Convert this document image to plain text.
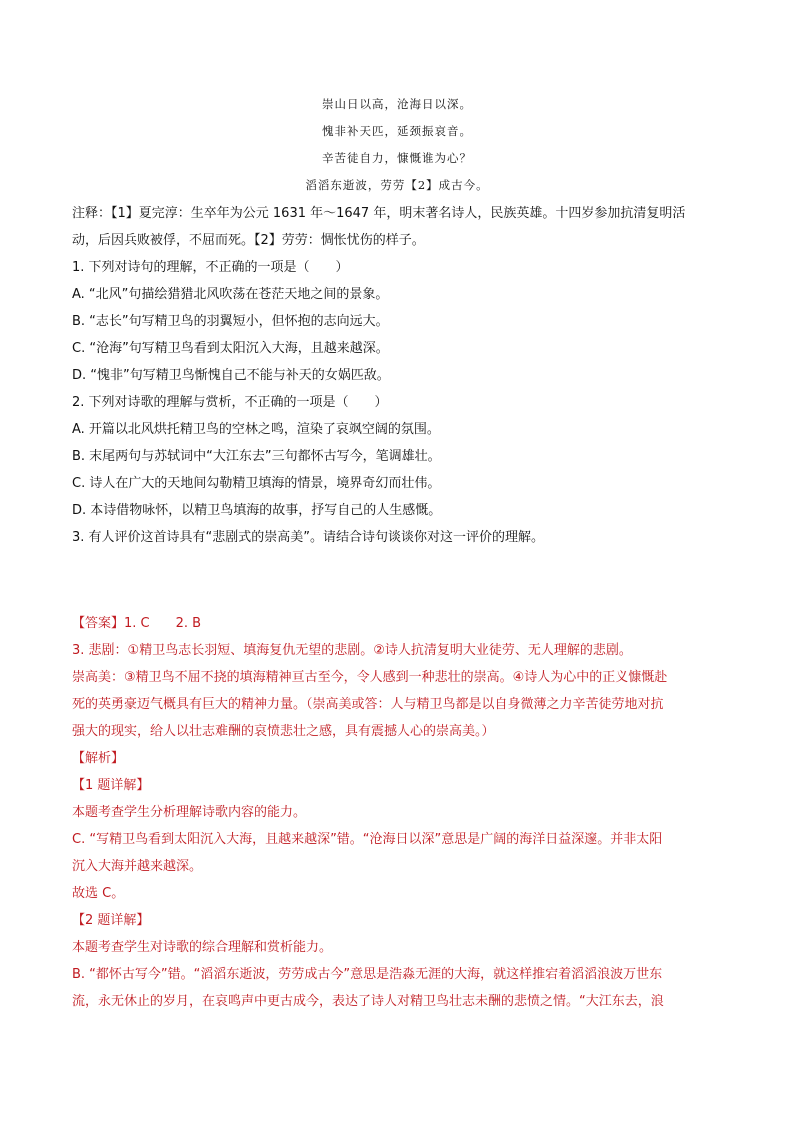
崇山日以高，沧海日以深。
愧非补天匹，延颈振哀音。
辛苦徒自力，慷慨谁为心？
滔滔东逝波，劳劳【2】成古今。
注释：【1】夏完淳：生卒年为公元 1631 年～1647 年，明末著名诗人，民族英雄。十四岁参加抗清复明活
动，后因兵败被俘，不屈而死。【2】劳劳：惆怅忧伤的样子。
1. 下列对诗句的理解，不正确的一项是（　　）
A. “北风”句描绘猎猎北风吹荡在苍茫天地之间的景象。
B. “志长”句写精卫鸟的羽翼短小，但怀抱的志向远大。
C. “沧海”句写精卫鸟看到太阳沉入大海，且越来越深。
D. “愧非”句写精卫鸟惭愧自己不能与补天的女娲匹敌。
2. 下列对诗歌的理解与赏析，不正确的一项是（　　）
A. 开篇以北风烘托精卫鸟的空林之鸣，渲染了哀飒空阔的氛围。
B. 末尾两句与苏轼词中“大江东去”三句都怀古写今，笔调雄壮。
C. 诗人在广大的天地间勾勒精卫填海的情景，境界奇幻而壮伟。
D. 本诗借物咏怀，以精卫鸟填海的故事，抒写自己的人生感慨。
3. 有人评价这首诗具有“悲剧式的崇高美”。请结合诗句谈谈你对这一评价的理解。
【答案】1. C 2. B
3. 悲剧：①精卫鸟志长羽短、填海复仇无望的悲剧。②诗人抗清复明大业徒劳、无人理解的悲剧。
崇高美：③精卫鸟不屈不挠的填海精神亘古至今，令人感到一种悲壮的崇高。④诗人为心中的正义慷慨赴
死的英勇豪迈气概具有巨大的精神力量。（崇高美或答：人与精卫鸟都是以自身微薄之力辛苦徒劳地对抗
强大的现实，给人以壮志难酬的哀愤悲壮之感，具有震撼人心的崇高美。）
【解析】
【1 题详解】
本题考查学生分析理解诗歌内容的能力。
C. “写精卫鸟看到太阳沉入大海，且越来越深”错。“沧海日以深”意思是广阔的海洋日益深邃。并非太阳
沉入大海并越来越深。
故选 C。
【2 题详解】
本题考查学生对诗歌的综合理解和赏析能力。
B. “都怀古写今”错。“滔滔东逝波，劳劳成古今”意思是浩淼无涯的大海，就这样推宕着滔滔浪波万世东
流，永无休止的岁月，在哀鸣声中更古成今，表达了诗人对精卫鸟壮志未酬的悲愤之情。“大江东去，浪
